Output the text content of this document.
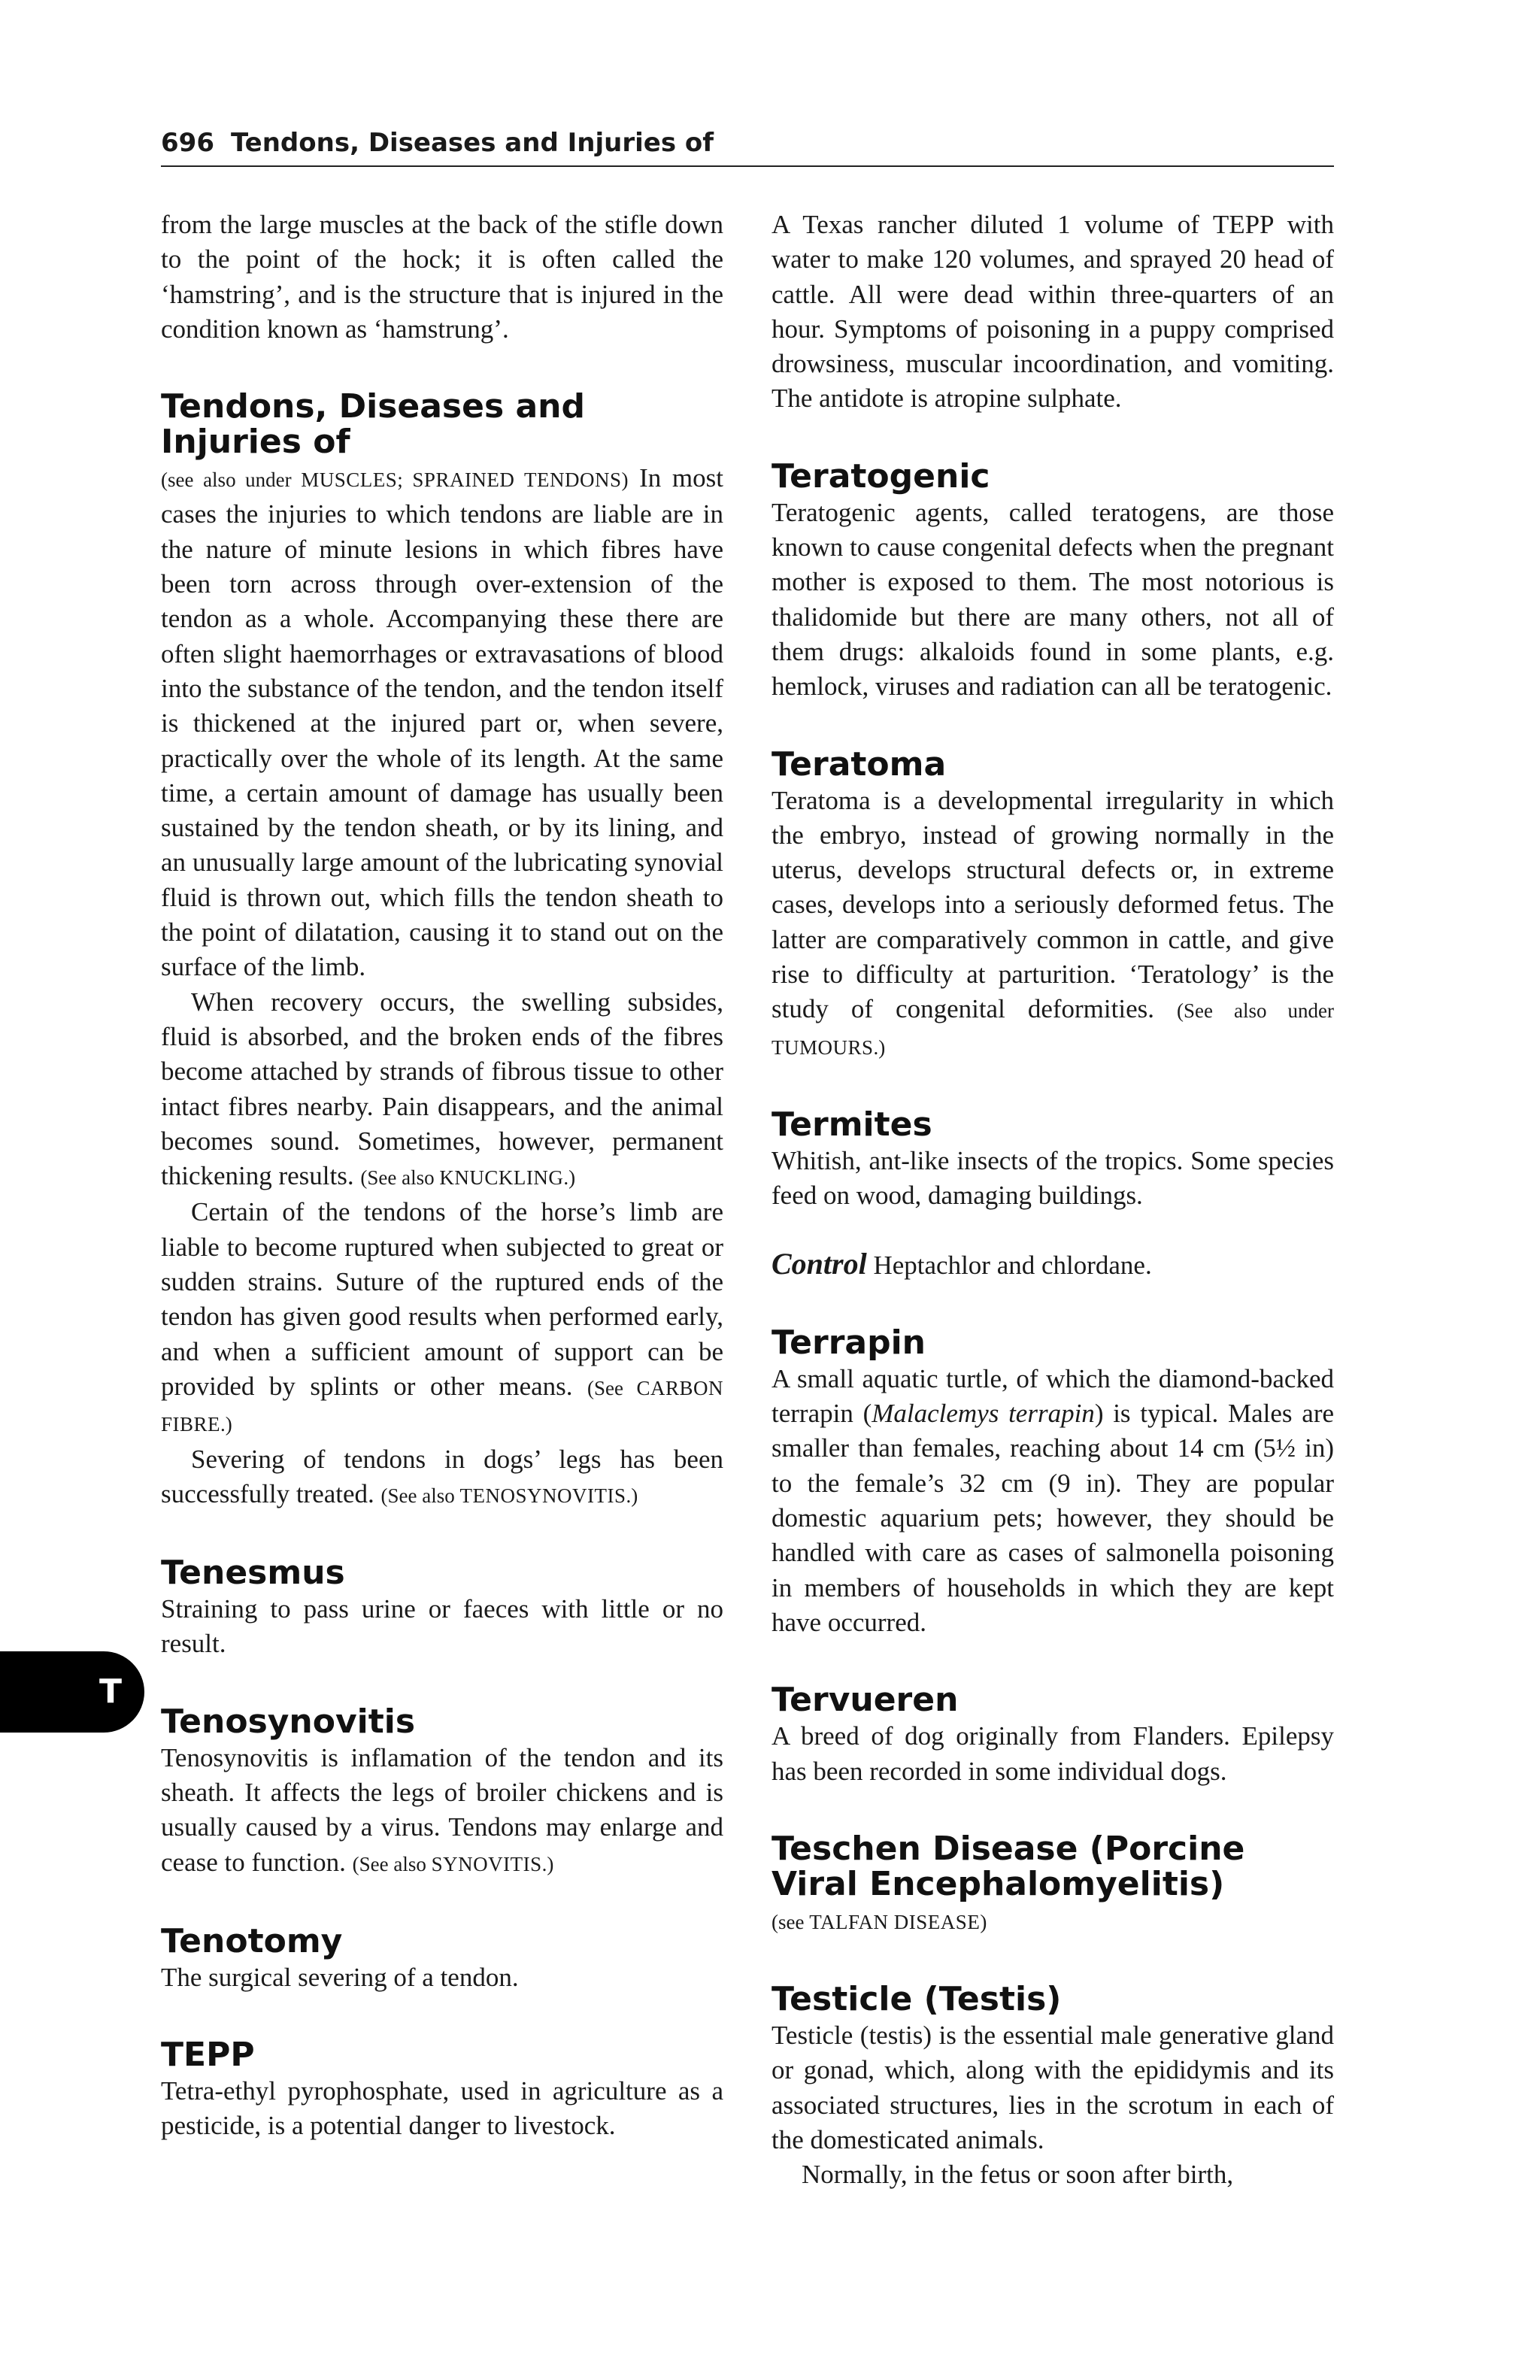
696 Tendons, Diseases and Injuries of
T

from the large muscles at the back of the stifle down to the point of the hock; it is often called the ‘hamstring’, and is the structure that is injured in the condition known as ‘hamstrung’.

Tendons, Diseases and Injuries of

(see also under MUSCLES; SPRAINED TENDONS) In most cases the injuries to which tendons are liable are in the nature of minute lesions in which fibres have been torn across through over-extension of the tendon as a whole. Accompanying these there are often slight haemorrhages or extravasations of blood into the substance of the tendon, and the tendon itself is thickened at the injured part or, when severe, practically over the whole of its length. At the same time, a certain amount of damage has usually been sustained by the tendon sheath, or by its lining, and an unusually large amount of the lubricating synovial fluid is thrown out, which fills the tendon sheath to the point of dilatation, causing it to stand out on the surface of the limb.

When recovery occurs, the swelling subsides, fluid is absorbed, and the broken ends of the fibres become attached by strands of fibrous tissue to other intact fibres nearby. Pain disappears, and the animal becomes sound. Sometimes, however, permanent thickening results. (See also KNUCKLING.)

Certain of the tendons of the horse’s limb are liable to become ruptured when subjected to great or sudden strains. Suture of the ruptured ends of the tendon has given good results when performed early, and when a sufficient amount of support can be provided by splints or other means. (See CARBON FIBRE.)

Severing of tendons in dogs’ legs has been successfully treated. (See also TENOSYNOVITIS.)

Tenesmus

Straining to pass urine or faeces with little or no result.

Tenosynovitis

Tenosynovitis is inflamation of the tendon and its sheath. It affects the legs of broiler chickens and is usually caused by a virus. Tendons may enlarge and cease to function. (See also SYNOVITIS.)

Tenotomy

The surgical severing of a tendon.

TEPP

Tetra-ethyl pyrophosphate, used in agriculture as a pesticide, is a potential danger to livestock.

A Texas rancher diluted 1 volume of TEPP with water to make 120 volumes, and sprayed 20 head of cattle. All were dead within three-quarters of an hour. Symptoms of poisoning in a puppy comprised drowsiness, muscular incoordination, and vomiting. The antidote is atropine sulphate.

Teratogenic

Teratogenic agents, called teratogens, are those known to cause congenital defects when the pregnant mother is exposed to them. The most notorious is thalidomide but there are many others, not all of them drugs: alkaloids found in some plants, e.g. hemlock, viruses and radiation can all be teratogenic.

Teratoma

Teratoma is a developmental irregularity in which the embryo, instead of growing normally in the uterus, develops structural defects or, in extreme cases, develops into a seriously deformed fetus. The latter are comparatively common in cattle, and give rise to difficulty at parturition. ‘Teratology’ is the study of congenital deformities. (See also under TUMOURS.)

Termites

Whitish, ant-like insects of the tropics. Some species feed on wood, damaging buildings.

Control Heptachlor and chlordane.

Terrapin

A small aquatic turtle, of which the diamond-backed terrapin (Malaclemys terrapin) is typical. Males are smaller than females, reaching about 14 cm (5½ in) to the female’s 32 cm (9 in). They are popular domestic aquarium pets; however, they should be handled with care as cases of salmonella poisoning in members of households in which they are kept have occurred.

Tervueren

A breed of dog originally from Flanders. Epilepsy has been recorded in some individual dogs.

Teschen Disease (Porcine Viral Encephalomyelitis)

(see TALFAN DISEASE)

Testicle (Testis)

Testicle (testis) is the essential male generative gland or gonad, which, along with the epididymis and its associated structures, lies in the scrotum in each of the domesticated animals.

Normally, in the fetus or soon after birth,
